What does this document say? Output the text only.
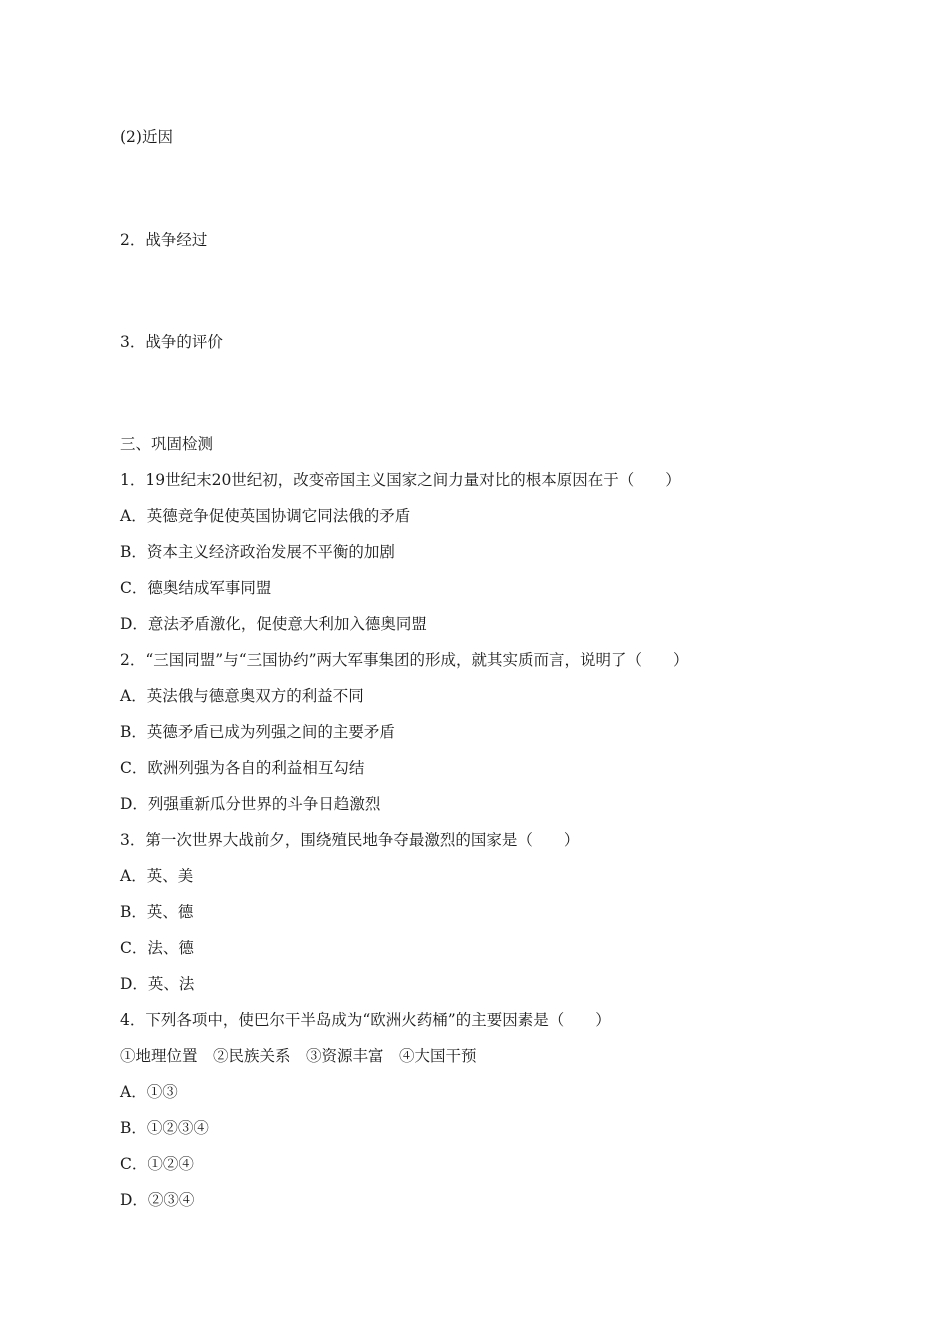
(2)近因
2．战争经过
3．战争的评价
三、巩固检测
1．19世纪末20世纪初，改变帝国主义国家之间力量对比的根本原因在于（　　）
A．英德竞争促使英国协调它同法俄的矛盾
B．资本主义经济政治发展不平衡的加剧
C．德奥结成军事同盟
D．意法矛盾激化，促使意大利加入德奥同盟
2．“三国同盟”与“三国协约”两大军事集团的形成，就其实质而言，说明了（　　）
A．英法俄与德意奥双方的利益不同
B．英德矛盾已成为列强之间的主要矛盾
C．欧洲列强为各自的利益相互勾结
D．列强重新瓜分世界的斗争日趋激烈
3．第一次世界大战前夕，围绕殖民地争夺最激烈的国家是（　　）
A．英、美
B．英、德
C．法、德
D．英、法
4．下列各项中，使巴尔干半岛成为“欧洲火药桶”的主要因素是（　　）
①地理位置　②民族关系　③资源丰富　④大国干预
A．①③
B．①②③④
C．①②④
D．②③④
